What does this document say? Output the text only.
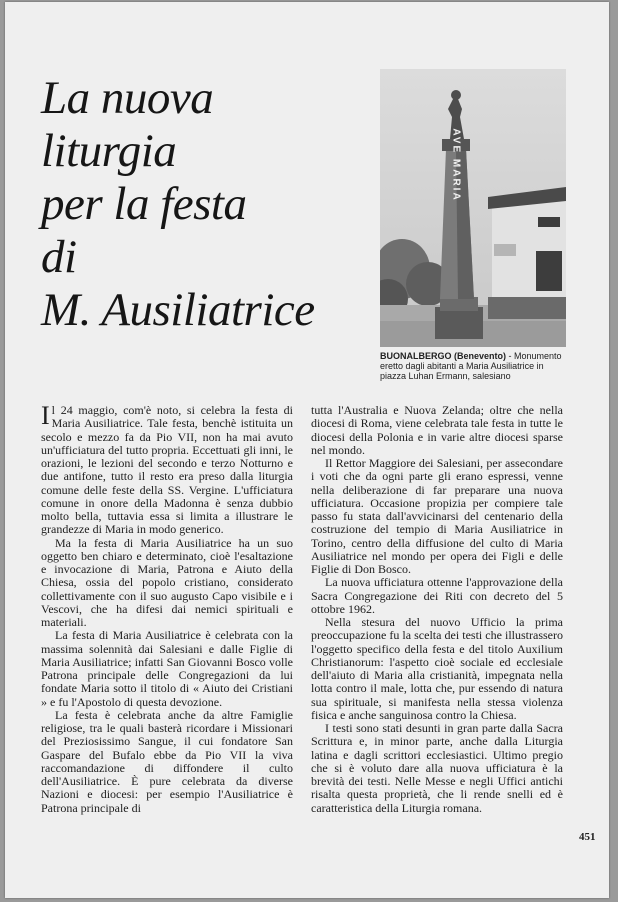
La nuova
liturgia
per la festa
di
M. Ausiliatrice
AVE MARIA
BUONALBERGO (Benevento) - Monumento eretto dagli abitanti a Maria Ausiliatrice in piazza Luhan Ermann, salesiano

Il 24 maggio, com'è noto, si celebra la festa di Maria Ausiliatrice. Tale festa, benchè istituita un secolo e mezzo fa da Pio VII, non ha mai avuto un'ufficiatura del tutto propria. Eccettuati gli inni, le orazioni, le lezioni del secondo e terzo Notturno e due antifone, tutto il resto era preso dalla liturgia comune delle feste della SS. Vergine. L'ufficiatura comune in onore della Madonna è senza dubbio molto bella, tuttavia essa si limita a illustrare le grandezze di Maria in modo generico.

Ma la festa di Maria Ausiliatrice ha un suo oggetto ben chiaro e determinato, cioè l'esaltazione e invocazione di Maria, Patrona e Aiuto della Chiesa, ossia del popolo cristiano, considerato collettivamente con il suo augusto Capo visibile e i Vescovi, che ha difesi dai nemici spirituali e materiali.

La festa di Maria Ausiliatrice è celebrata con la massima solennità dai Salesiani e dalle Figlie di Maria Ausiliatrice; infatti San Giovanni Bosco volle Patrona principale delle Congregazioni da lui fondate Maria sotto il titolo di « Aiuto dei Cristiani » e fu l'Apostolo di questa devozione.

La festa è celebrata anche da altre Famiglie religiose, tra le quali basterà ricordare i Missionari del Preziosissimo Sangue, il cui fondatore San Gaspare del Bufalo ebbe da Pio VII la viva raccomandazione di diffondere il culto dell'Ausiliatrice. È pure celebrata da diverse Nazioni e diocesi: per esempio l'Ausiliatrice è Patrona principale di

tutta l'Australia e Nuova Zelanda; oltre che nella diocesi di Roma, viene celebrata tale festa in tutte le diocesi della Polonia e in varie altre diocesi sparse nel mondo.

Il Rettor Maggiore dei Salesiani, per assecondare i voti che da ogni parte gli erano espressi, venne nella deliberazione di far preparare una nuova ufficiatura. Occasione propizia per compiere tale passo fu stata dall'avvicinarsi del centenario della costruzione del tempio di Maria Ausiliatrice in Torino, centro della diffusione del culto di Maria Ausiliatrice nel mondo per opera dei Figli e delle Figlie di Don Bosco.

La nuova ufficiatura ottenne l'approvazione della Sacra Congregazione dei Riti con decreto del 5 ottobre 1962.

Nella stesura del nuovo Ufficio la prima preoccupazione fu la scelta dei testi che illustrassero l'oggetto specifico della festa e del titolo Auxilium Christianorum: l'aspetto cioè sociale ed ecclesiale dell'aiuto di Maria alla cristianità, impegnata nella lotta contro il male, lotta che, pur essendo di natura sua spirituale, si manifesta nella stessa violenza fisica e anche sanguinosa contro la Chiesa.

I testi sono stati desunti in gran parte dalla Sacra Scrittura e, in minor parte, anche dalla Liturgia latina e dagli scrittori ecclesiastici. Ultimo pregio che si è voluto dare alla nuova ufficiatura è la brevità dei testi. Nelle Messe e negli Uffici antichi risalta questa proprietà, che li rende snelli ed è caratteristica della Liturgia romana.

451
